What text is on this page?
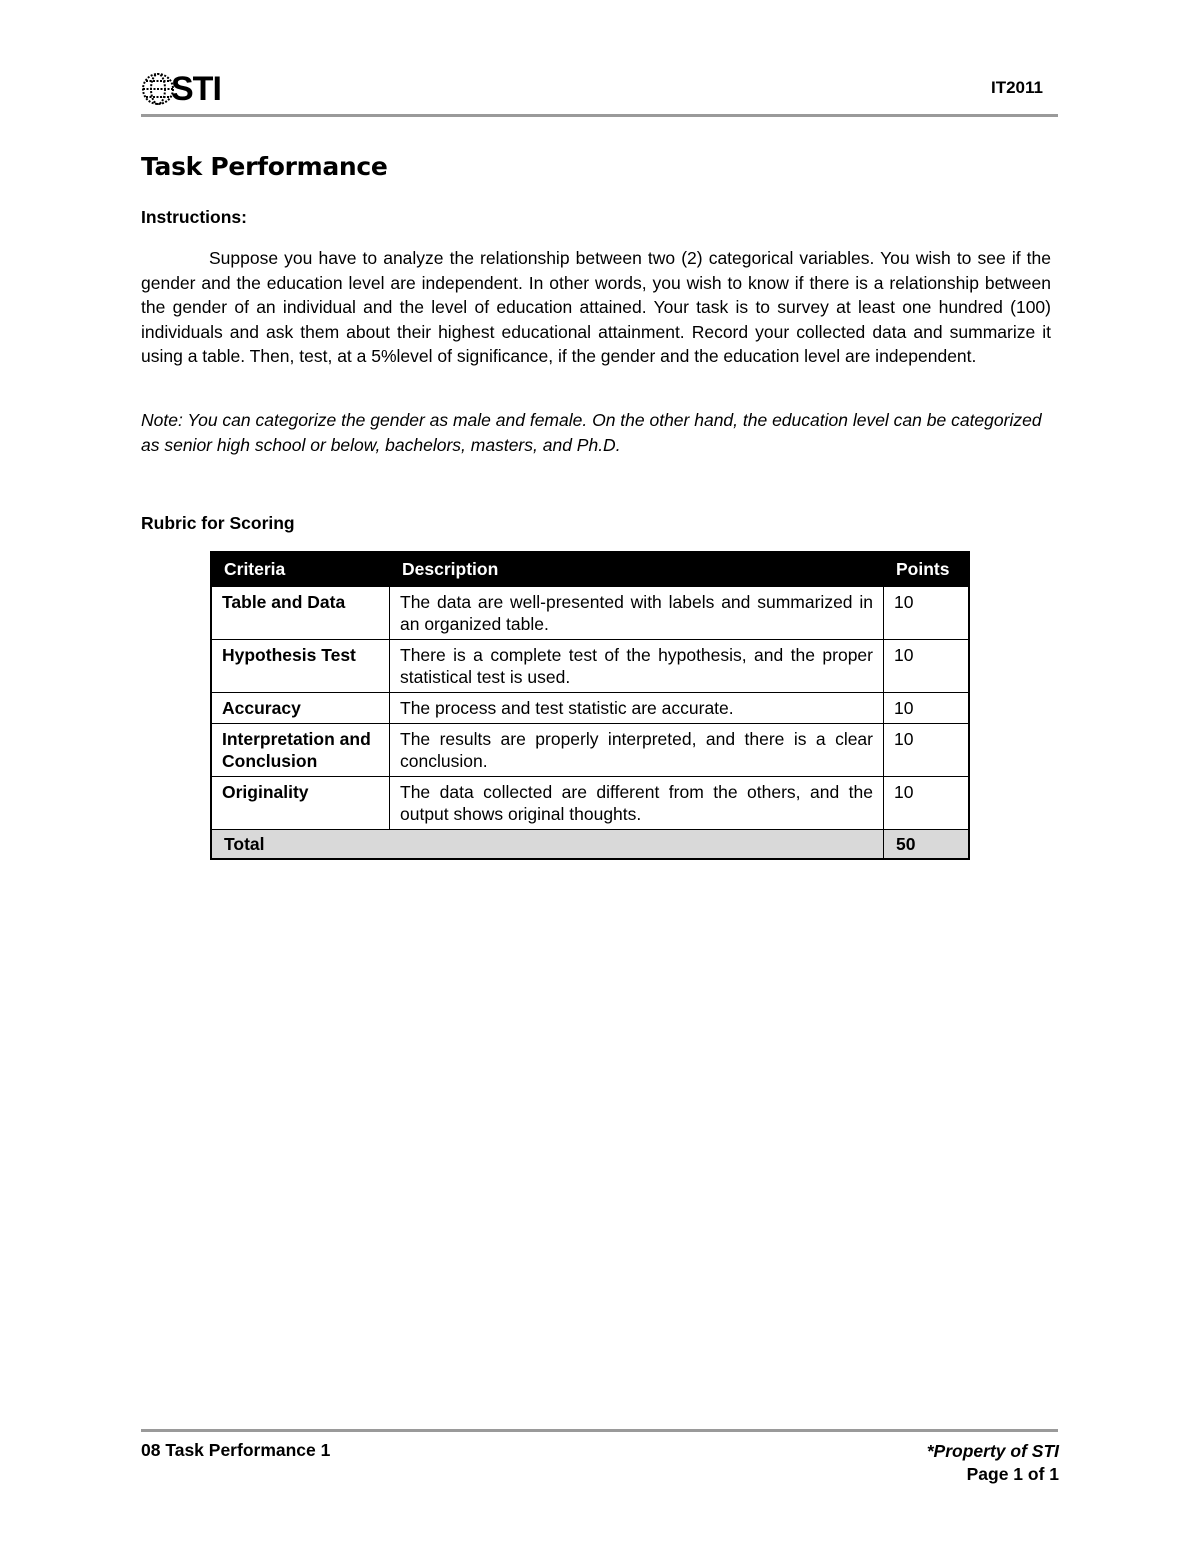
STI	IT2011
Task Performance
Instructions:
Suppose you have to analyze the relationship between two (2) categorical variables. You wish to see if the gender and the education level are independent. In other words, you wish to know if there is a relationship between the gender of an individual and the level of education attained. Your task is to survey at least one hundred (100) individuals and ask them about their highest educational attainment. Record your collected data and summarize it using a table. Then, test, at a 5%level of significance, if the gender and the education level are independent.
Note: You can categorize the gender as male and female. On the other hand, the education level can be categorized as senior high school or below, bachelors, masters, and Ph.D.
Rubric for Scoring
Criteria	Description	Points
Table and Data	The data are well-presented with labels and summarized in an organized table.	10
Hypothesis Test	There is a complete test of the hypothesis, and the proper statistical test is used.	10
Accuracy	The process and test statistic are accurate.	10
Interpretation and Conclusion	The results are properly interpreted, and there is a clear conclusion.	10
Originality	The data collected are different from the others, and the output shows original thoughts.	10
Total		50
08 Task Performance 1	*Property of STI
Page 1 of 1
